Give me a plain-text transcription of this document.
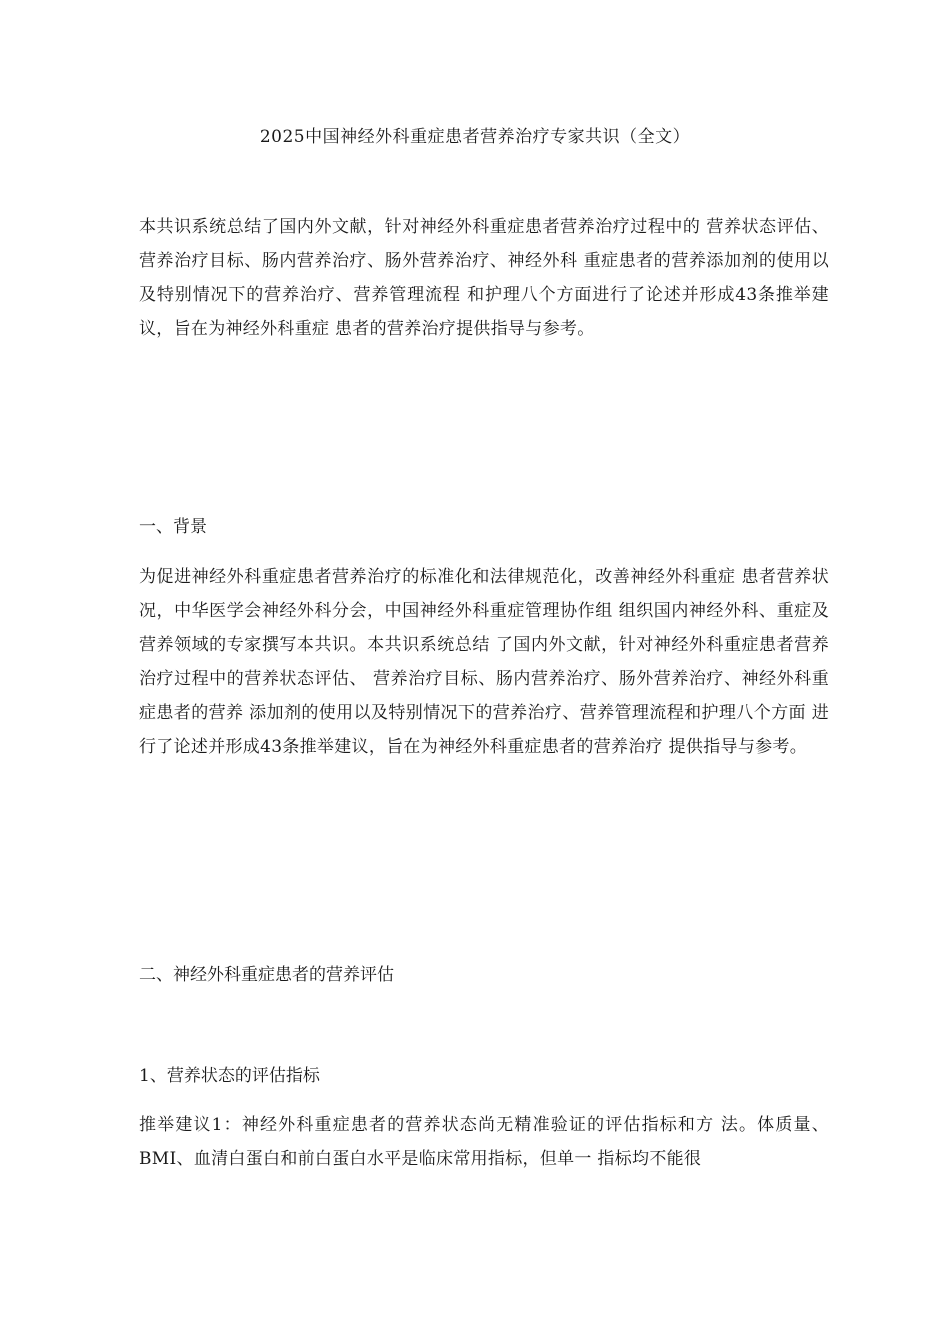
2025中国神经外科重症患者营养治疗专家共识（全文）

本共识系统总结了国内外文献，针对神经外科重症患者营养治疗过程中的 营养状态评估、营养治疗目标、肠内营养治疗、肠外营养治疗、神经外科 重症患者的营养添加剂的使用以及特别情况下的营养治疗、营养管理流程 和护理八个方面进行了论述并形成43条推举建议，旨在为神经外科重症 患者的营养治疗提供指导与参考。

一、背景

为促进神经外科重症患者营养治疗的标准化和法律规范化，改善神经外科重症 患者营养状况，中华医学会神经外科分会，中国神经外科重症管理协作组 组织国内神经外科、重症及营养领域的专家撰写本共识。本共识系统总结 了国内外文献，针对神经外科重症患者营养治疗过程中的营养状态评估、 营养治疗目标、肠内营养治疗、肠外营养治疗、神经外科重症患者的营养 添加剂的使用以及特别情况下的营养治疗、营养管理流程和护理八个方面 进行了论述并形成43条推举建议，旨在为神经外科重症患者的营养治疗 提供指导与参考。

二、神经外科重症患者的营养评估
1、营养状态的评估指标

推举建议1：神经外科重症患者的营养状态尚无精准验证的评估指标和方 法。体质量、BMI、血清白蛋白和前白蛋白水平是临床常用指标，但单一 指标均不能很
